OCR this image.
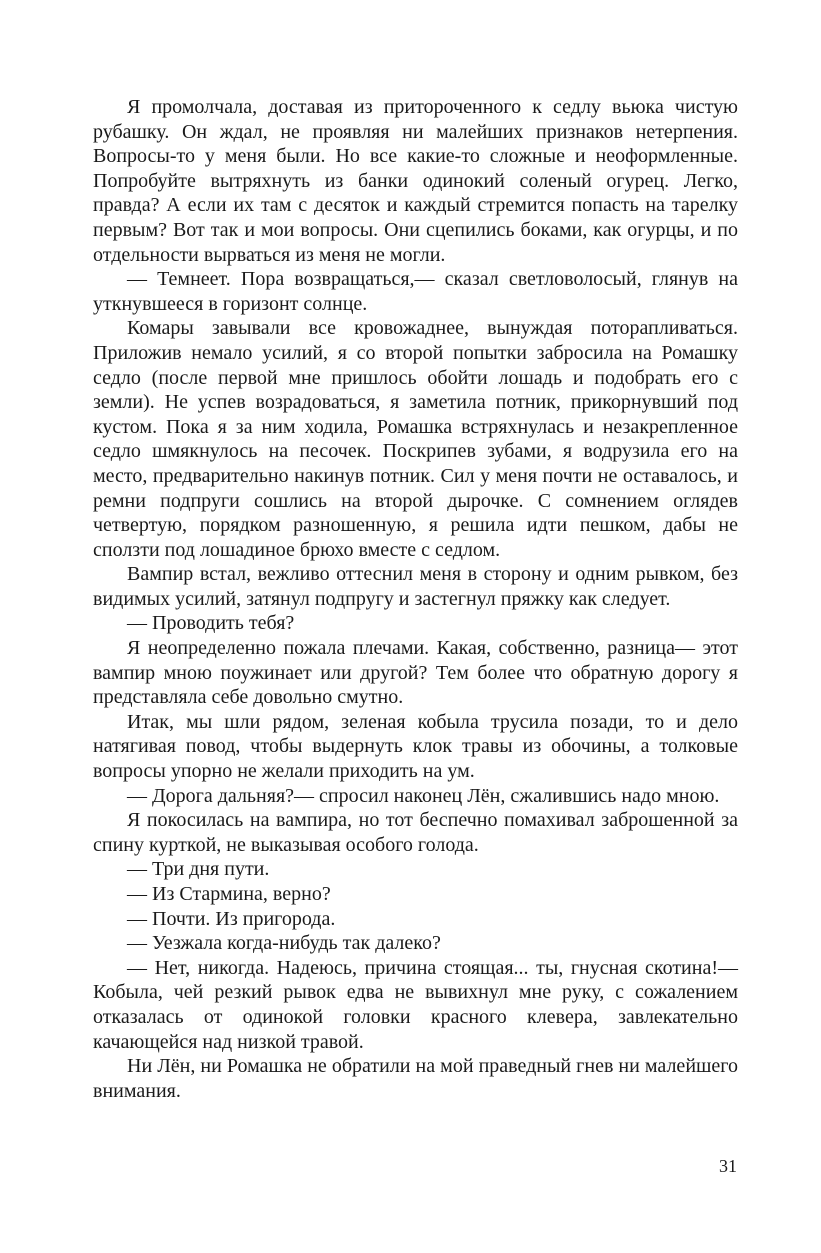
Я промолчала, доставая из притороченного к седлу вьюка чистую рубашку. Он ждал, не проявляя ни малейших признаков нетерпения. Вопросы-то у меня были. Но все какие-то сложные и неоформленные. Попробуйте вытряхнуть из банки одинокий соленый огурец. Легко, правда? А если их там с десяток и каждый стремится попасть на тарелку первым? Вот так и мои вопросы. Они сцепились боками, как огурцы, и по отдельности вырваться из меня не могли.

— Темнеет. Пора возвращаться,— сказал светловолосый, глянув на уткнувшееся в горизонт солнце.

Комары завывали все кровожаднее, вынуждая поторапливаться. Приложив немало усилий, я со второй попытки забросила на Ромашку седло (после первой мне пришлось обойти лошадь и подобрать его с земли). Не успев возрадоваться, я заметила потник, прикорнувший под кустом. Пока я за ним ходила, Ромашка встряхнулась и незакрепленное седло шмякнулось на песочек. Поскрипев зубами, я водрузила его на место, предварительно накинув потник. Сил у меня почти не оставалось, и ремни подпруги сошлись на второй дырочке. С сомнением оглядев четвертую, порядком разношенную, я решила идти пешком, дабы не сползти под лошадиное брюхо вместе с седлом.

Вампир встал, вежливо оттеснил меня в сторону и одним рывком, без видимых усилий, затянул подпругу и застегнул пряжку как следует.

— Проводить тебя?

Я неопределенно пожала плечами. Какая, собственно, разница— этот вампир мною поужинает или другой? Тем более что обратную дорогу я представляла себе довольно смутно.

Итак, мы шли рядом, зеленая кобыла трусила позади, то и дело натягивая повод, чтобы выдернуть клок травы из обочины, а толковые вопросы упорно не желали приходить на ум.

— Дорога дальняя?— спросил наконец Лён, сжалившись надо мною.

Я покосилась на вампира, но тот беспечно помахивал заброшенной за спину курткой, не выказывая особого голода.

— Три дня пути.

— Из Стармина, верно?

— Почти. Из пригорода.

— Уезжала когда-нибудь так далеко?

— Нет, никогда. Надеюсь, причина стоящая... ты, гнусная скотина!— Кобыла, чей резкий рывок едва не вывихнул мне руку, с сожалением отказалась от одинокой головки красного клевера, завлекательно качающейся над низкой травой.

Ни Лён, ни Ромашка не обратили на мой праведный гнев ни малейшего внимания.

31
